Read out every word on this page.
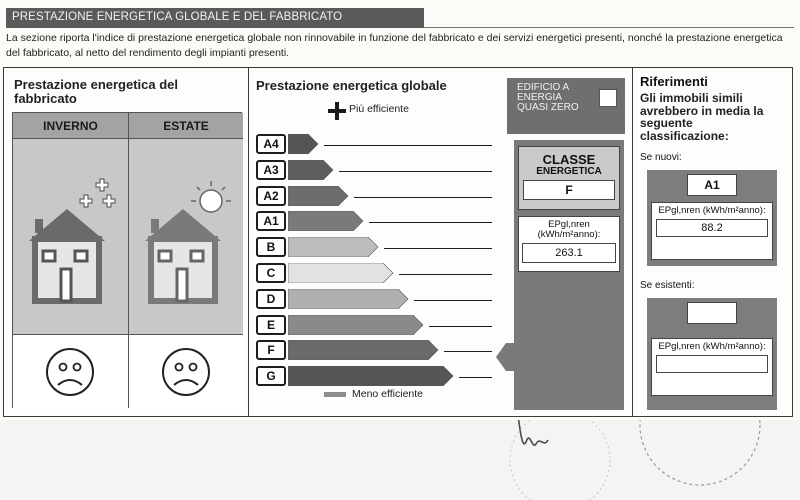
PRESTAZIONE ENERGETICA GLOBALE E DEL FABBRICATO
La sezione riporta l'indice di prestazione energetica globale non rinnovabile in funzione del fabbricato e dei servizi energetici presenti, nonché la prestazione energetica del fabbricato, al netto del rendimento degli impianti presenti.
Prestazione energetica del fabbricato
INVERNO	ESTATE
Prestazione energetica globale
Più efficiente
A4
A3
A2
A1
B
C
D
E
F
G
Meno efficiente
EDIFICIO A ENERGIA QUASI ZERO
CLASSE
ENERGETICA
F
EPgl,nren (kWh/m²anno):
263.1
Riferimenti
Gli immobili simili avrebbero in media la seguente classificazione:
Se nuovi:
A1
EPgl,nren (kWh/m²anno):
88.2
Se esistenti:
EPgl,nren (kWh/m²anno):
